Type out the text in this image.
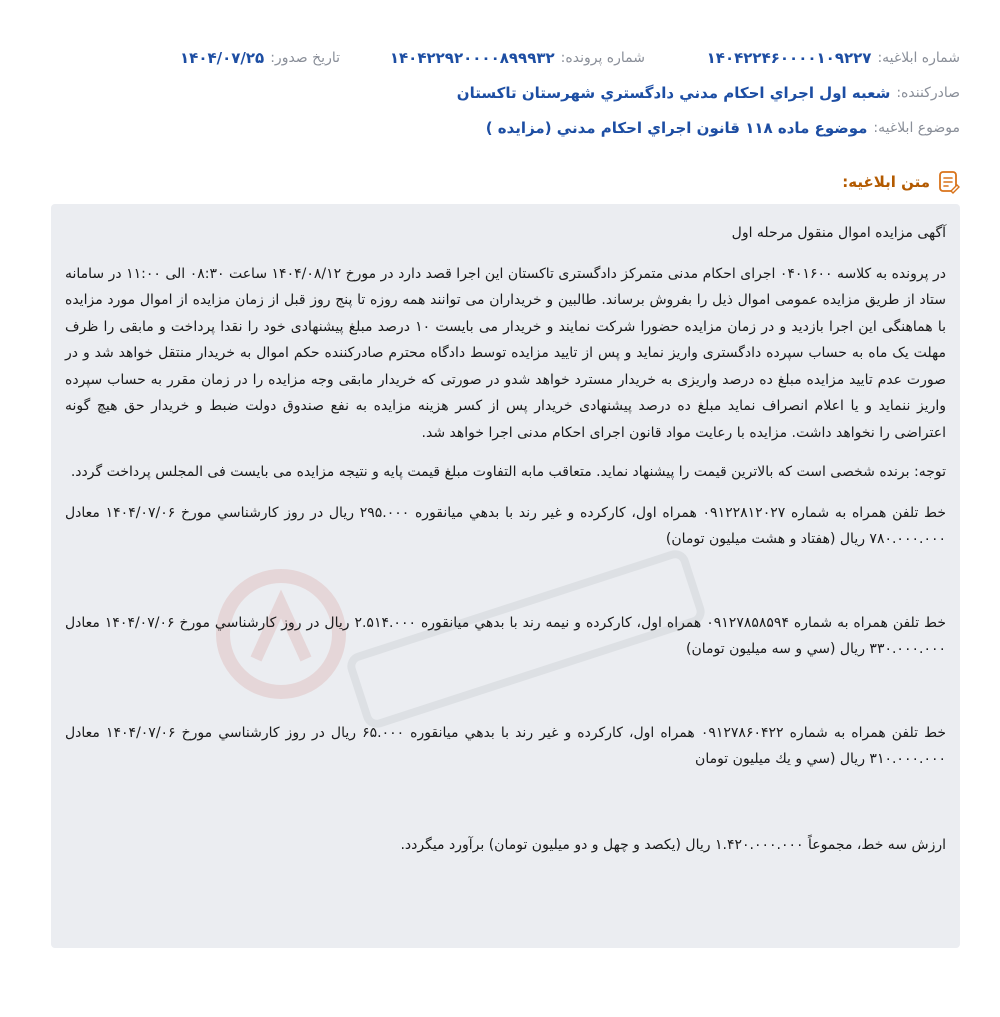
شماره ابلاغیه:
۱۴۰۴۲۲۴۶۰۰۰۰۱۰۹۲۲۷
شماره پرونده:
۱۴۰۴۲۲۹۲۰۰۰۰۸۹۹۹۳۲
تاریخ صدور:
۱۴۰۴/۰۷/۲۵
صادرکننده:
شعبه اول اجراي احكام مدني دادگستري شهرستان تاكستان
موضوع ابلاغیه:
موضوع ماده ۱۱۸ قانون اجراي احكام مدني (مزايده )
متن ابلاغیه:

آگهی مزایده اموال منقول مرحله اول

در پرونده به کلاسه ۰۴۰۱۶۰۰ اجرای احکام مدنی متمرکز دادگستری تاکستان این اجرا قصد دارد در مورخ ۱۴۰۴/۰۸/۱۲ ساعت ۰۸:۳۰ الی ۱۱:۰۰ در سامانه ستاد از طریق مزایده عمومی اموال ذیل را بفروش برساند. طالبین و خریداران می توانند همه روزه تا پنج روز قبل از زمان مزایده از اموال مورد مزایده با هماهنگی این اجرا بازدید و در زمان مزایده حضورا شرکت نمایند و خریدار می بایست ۱۰ درصد مبلغ پیشنهادی خود را نقدا پرداخت و مابقی را ظرف مهلت یک ماه به حساب سپرده دادگستری واریز نماید و پس از تایید مزایده توسط دادگاه محترم صادرکننده حکم اموال به خریدار منتقل خواهد شد و در صورت عدم تایید مزایده مبلغ ده درصد واریزی به خریدار مسترد خواهد شدو در صورتی که خریدار مابقی وجه مزایده را در زمان مقرر به حساب سپرده واریز ننماید و یا اعلام انصراف نماید مبلغ ده درصد پیشنهادی خریدار پس از کسر هزینه مزایده به نفع صندوق دولت ضبط و خریدار حق هیچ گونه اعتراضی را نخواهد داشت. مزایده با رعایت مواد قانون اجرای احکام مدنی اجرا خواهد شد.

توجه: برنده شخصی است که بالاترین قیمت را پیشنهاد نماید. متعاقب مابه التفاوت مبلغ قیمت پایه و نتیجه مزایده می بایست فی المجلس پرداخت گردد.

خط تلفن همراه به شماره ۰۹۱۲۲۸۱۲۰۲۷ همراه اول، کارکرده و غير رند با بدهي ميانقوره ۲۹۵.۰۰۰ ريال در روز كارشناسي مورخ ۱۴۰۴/۰۷/۰۶ معادل ۷۸۰.۰۰۰.۰۰۰ ريال (هفتاد و هشت ميليون تومان)

خط تلفن همراه به شماره ۰۹۱۲۷۸۵۸۵۹۴ همراه اول، كاركرده و نيمه رند با بدهي ميانقوره ۲.۵۱۴.۰۰۰ ريال در روز كارشناسي مورخ ۱۴۰۴/۰۷/۰۶ معادل ۳۳۰.۰۰۰.۰۰۰ ريال (سي و سه ميليون تومان)

خط تلفن همراه به شماره ۰۹۱۲۷۸۶۰۴۲۲ همراه اول، كاركرده و غير رند با بدهي ميانقوره ۶۵.۰۰۰ ريال در روز كارشناسي مورخ ۱۴۰۴/۰۷/۰۶ معادل ۳۱۰.۰۰۰.۰۰۰ ريال (سي و يك ميليون تومان

ارزش سه خط، مجموعاً ۱.۴۲۰.۰۰۰.۰۰۰ ريال (يكصد و چهل و دو ميليون تومان) برآورد ميگردد.
